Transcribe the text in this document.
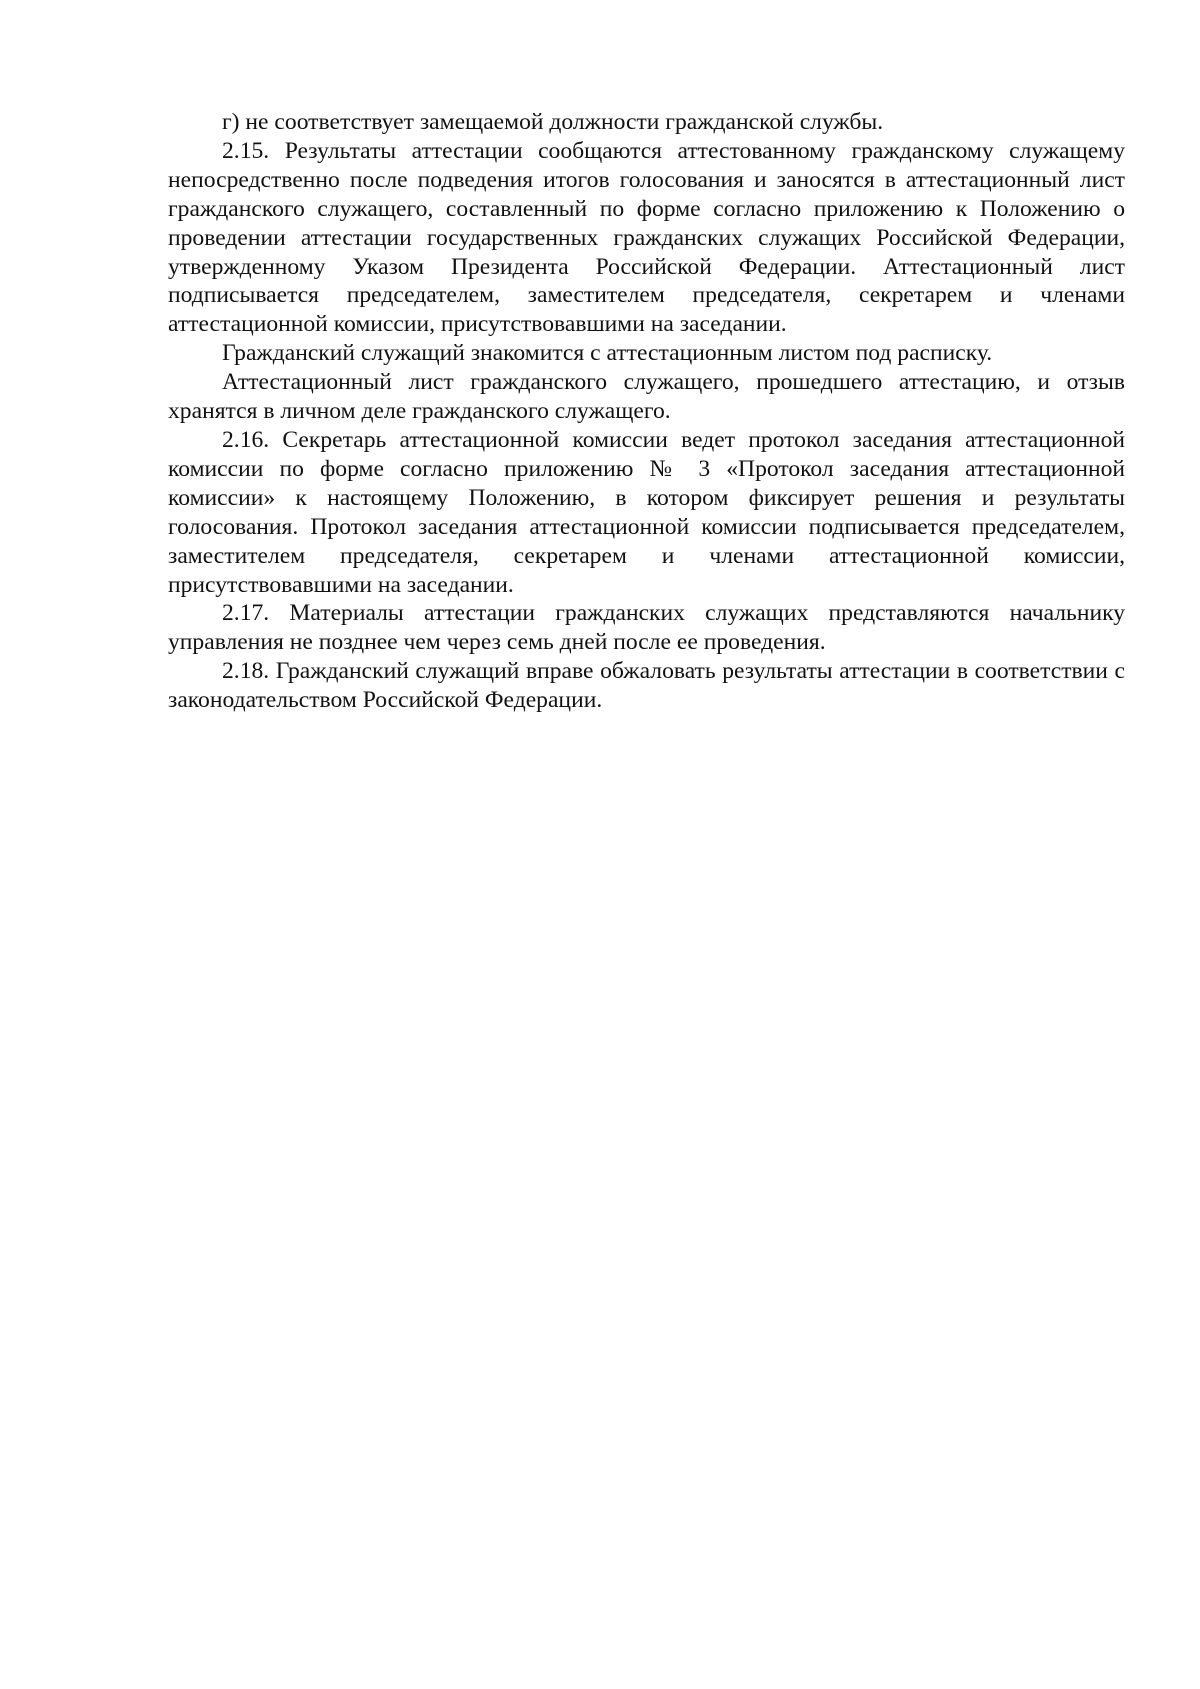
г) не соответствует замещаемой должности гражданской службы.

2.15. Результаты аттестации сообщаются аттестованному гражданскому служащему непосредственно после подведения итогов голосования и заносятся в аттестационный лист гражданского служащего, составленный по форме согласно приложению к Положению о проведении аттестации государственных гражданских служащих Российской Федерации, утвержденному Указом Президента Российской Федерации. Аттестационный лист подписывается председателем, заместителем председателя, секретарем и членами аттестационной комиссии, присутствовавшими на заседании.

Гражданский служащий знакомится с аттестационным листом под расписку.

Аттестационный лист гражданского служащего, прошедшего аттестацию, и отзыв хранятся в личном деле гражданского служащего.

2.16. Секретарь аттестационной комиссии ведет протокол заседания аттестационной комиссии по форме согласно приложению № 3 «Протокол заседания аттестационной комиссии» к настоящему Положению, в котором фиксирует решения и результаты голосования. Протокол заседания аттестационной комиссии подписывается председателем, заместителем председателя, секретарем и членами аттестационной комиссии, присутствовавшими на заседании.

2.17. Материалы аттестации гражданских служащих представляются начальнику управления не позднее чем через семь дней после ее проведения.

2.18. Гражданский служащий вправе обжаловать результаты аттестации в соответствии с законодательством Российской Федерации.
